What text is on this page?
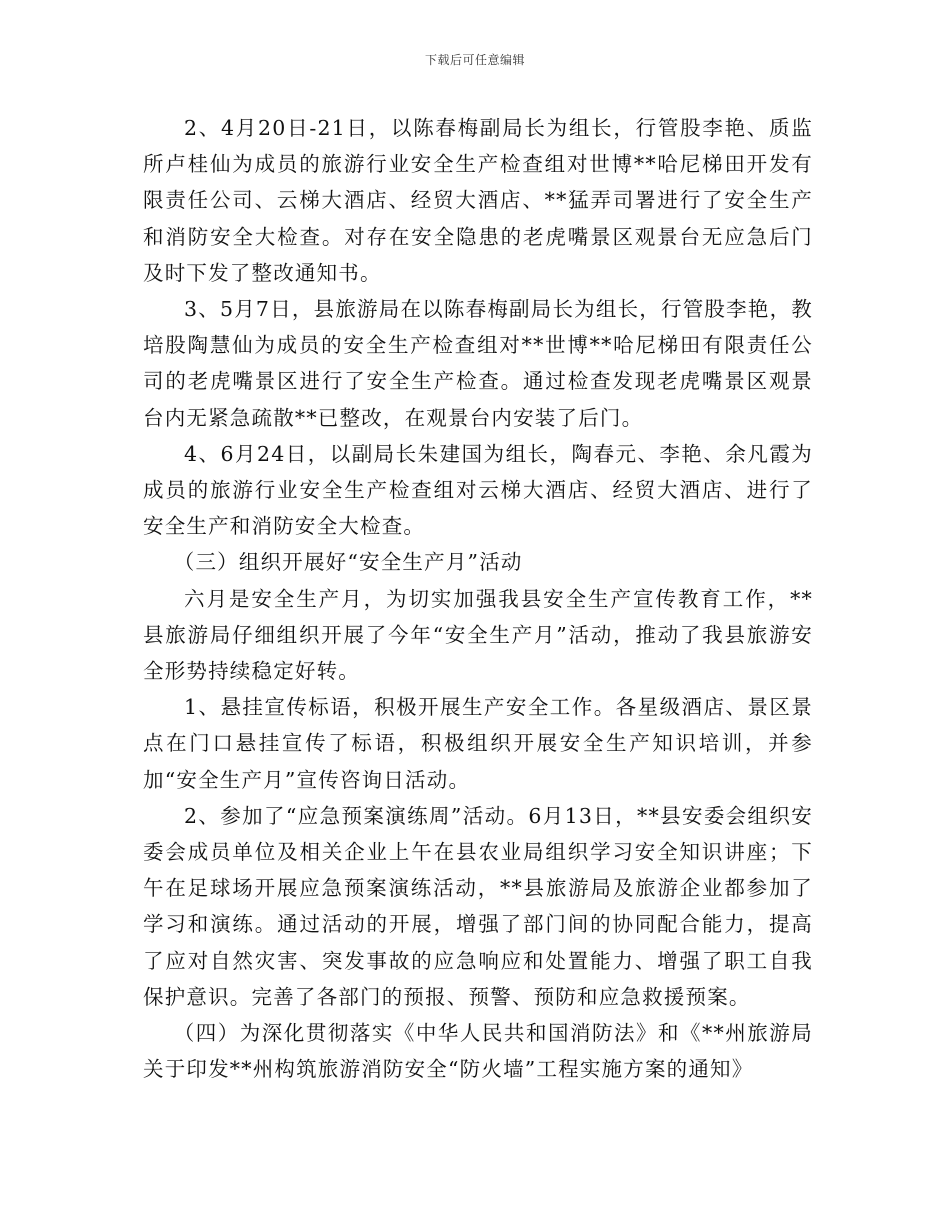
下载后可任意编辑

2、4月20日-21日，以陈春梅副局长为组长，行管股李艳、质监所卢桂仙为成员的旅游行业安全生产检查组对世博**哈尼梯田开发有限责任公司、云梯大酒店、经贸大酒店、**猛弄司署进行了安全生产和消防安全大检查。对存在安全隐患的老虎嘴景区观景台无应急后门及时下发了整改通知书。

3、5月7日，县旅游局在以陈春梅副局长为组长，行管股李艳，教培股陶慧仙为成员的安全生产检查组对**世博**哈尼梯田有限责任公司的老虎嘴景区进行了安全生产检查。通过检查发现老虎嘴景区观景台内无紧急疏散**已整改，在观景台内安装了后门。

4、6月24日，以副局长朱建国为组长，陶春元、李艳、余凡霞为成员的旅游行业安全生产检查组对云梯大酒店、经贸大酒店、进行了安全生产和消防安全大检查。

（三）组织开展好“安全生产月”活动

六月是安全生产月，为切实加强我县安全生产宣传教育工作，**县旅游局仔细组织开展了今年“安全生产月”活动，推动了我县旅游安全形势持续稳定好转。

1、悬挂宣传标语，积极开展生产安全工作。各星级酒店、景区景点在门口悬挂宣传了标语，积极组织开展安全生产知识培训，并参加“安全生产月”宣传咨询日活动。

2、参加了“应急预案演练周”活动。6月13日，**县安委会组织安委会成员单位及相关企业上午在县农业局组织学习安全知识讲座；下午在足球场开展应急预案演练活动，**县旅游局及旅游企业都参加了学习和演练。通过活动的开展，增强了部门间的协同配合能力，提高了应对自然灾害、突发事故的应急响应和处置能力、增强了职工自我保护意识。完善了各部门的预报、预警、预防和应急救援预案。

（四）为深化贯彻落实《中华人民共和国消防法》和《**州旅游局关于印发**州构筑旅游消防安全“防火墙”工程实施方案的通知》
